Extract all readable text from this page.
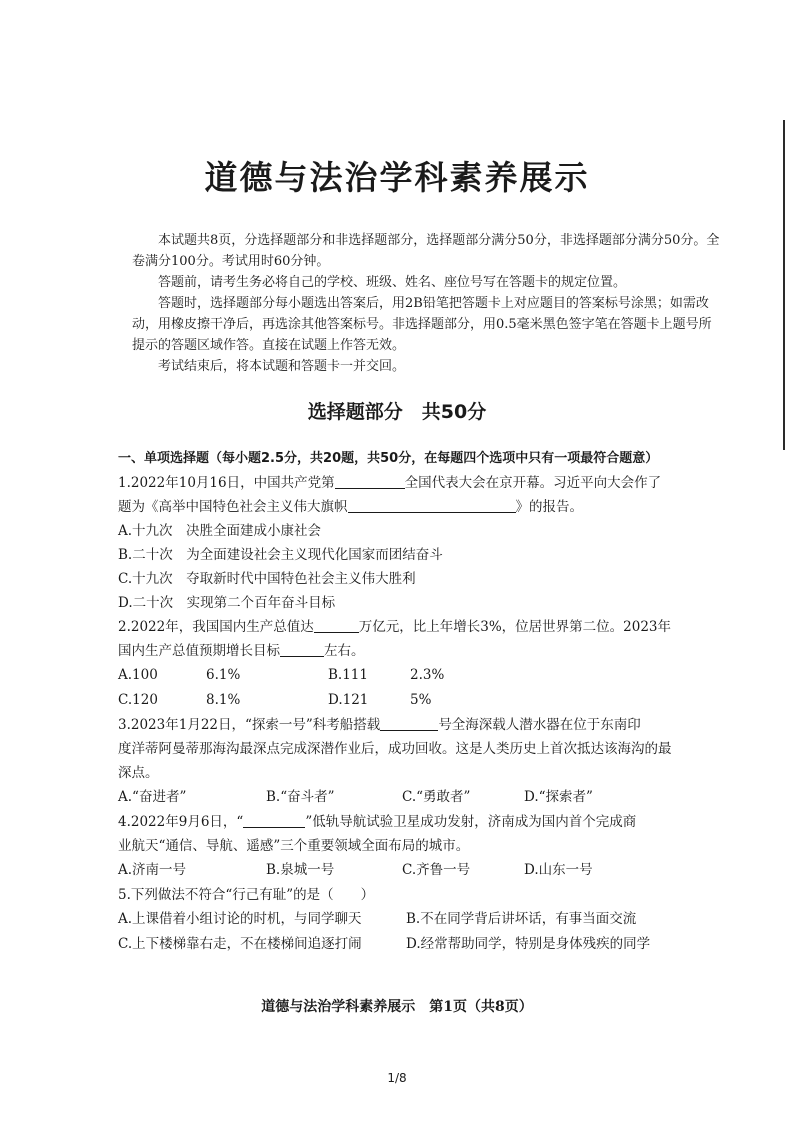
道德与法治学科素养展示

本试题共8页，分选择题部分和非选择题部分，选择题部分满分50分，非选择题部分满分50分。全卷满分100分。考试用时60分钟。

答题前，请考生务必将自己的学校、班级、姓名、座位号写在答题卡的规定位置。

答题时，选择题部分每小题选出答案后，用2B铅笔把答题卡上对应题目的答案标号涂黑；如需改动，用橡皮擦干净后，再选涂其他答案标号。非选择题部分，用0.5毫米黑色签字笔在答题卡上题号所提示的答题区域作答。直接在试题上作答无效。

考试结束后，将本试题和答题卡一并交回。

选择题部分　共50分
一、单项选择题（每小题2.5分，共20题，共50分，在每题四个选项中只有一项最符合题意）
1.2022年10月16日，中国共产党第	全国代表大会在京开幕。习近平向大会作了
题为《高举中国特色社会主义伟大旗帜	》的报告。
A.十九次　决胜全面建成小康社会
B.二十次　为全面建设社会主义现代化国家而团结奋斗
C.十九次　夺取新时代中国特色社会主义伟大胜利
D.二十次　实现第二个百年奋斗目标
2.2022年，我国国内生产总值达	万亿元，比上年增长3%，位居世界第二位。2023年
国内生产总值预期增长目标	左右。
A.100	6.1%	B.111	2.3%
C.120	8.1%	D.121	5%
3.2023年1月22日，“探索一号”科考船搭载	号全海深载人潜水器在位于东南印
度洋蒂阿曼蒂那海沟最深点完成深潜作业后，成功回收。这是人类历史上首次抵达该海沟的最
深点。
A.“奋进者”	B.“奋斗者”	C.“勇敢者”	D.“探索者”
4.2022年9月6日，“	”低轨导航试验卫星成功发射，济南成为国内首个完成商
业航天“通信、导航、遥感”三个重要领域全面布局的城市。
A.济南一号	B.泉城一号	C.齐鲁一号	D.山东一号
5.下列做法不符合“行己有耻”的是（　　）
A.上课借着小组讨论的时机，与同学聊天	B.不在同学背后讲坏话，有事当面交流
C.上下楼梯靠右走，不在楼梯间追逐打闹	D.经常帮助同学，特别是身体残疾的同学
道德与法治学科素养展示　第1页（共8页）
1/8
